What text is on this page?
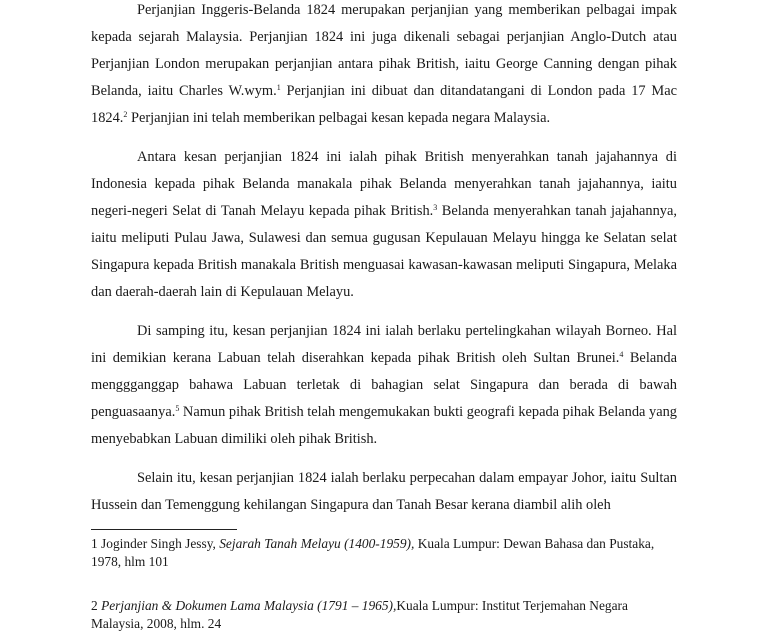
Perjanjian Inggeris-Belanda 1824 merupakan perjanjian yang memberikan pelbagai impak kepada sejarah Malaysia. Perjanjian 1824 ini juga dikenali sebagai perjanjian Anglo-Dutch atau Perjanjian London merupakan perjanjian antara pihak British, iaitu George Canning dengan pihak Belanda, iaitu Charles W.wym.$^1$ Perjanjian ini dibuat dan ditandatangani di London pada 17 Mac 1824.$^2$ Perjanjian ini telah memberikan pelbagai kesan kepada negara Malaysia.

Antara kesan perjanjian 1824 ini ialah pihak British menyerahkan tanah jajahannya di Indonesia kepada pihak Belanda manakala pihak Belanda menyerahkan tanah jajahannya, iaitu negeri-negeri Selat di Tanah Melayu kepada pihak British.$^3$ Belanda menyerahkan tanah jajahannya, iaitu meliputi Pulau Jawa, Sulawesi dan semua gugusan Kepulauan Melayu hingga ke Selatan selat Singapura kepada British manakala British menguasai kawasan-kawasan meliputi Singapura, Melaka dan daerah-daerah lain di Kepulauan Melayu.

Di samping itu, kesan perjanjian 1824 ini ialah berlaku pertelingkahan wilayah Borneo. Hal ini demikian kerana Labuan telah diserahkan kepada pihak British oleh Sultan Brunei.$^4$ Belanda menggganggap bahawa Labuan terletak di bahagian selat Singapura dan berada di bawah penguasaanya.$^5$ Namun pihak British telah mengemukakan bukti geografi kepada pihak Belanda yang menyebabkan Labuan dimiliki oleh pihak British.

Selain itu, kesan perjanjian 1824 ialah berlaku perpecahan dalam empayar Johor, iaitu Sultan Hussein dan Temenggung kehilangan Singapura dan Tanah Besar kerana diambil alih oleh

1 Joginder Singh Jessy, Sejarah Tanah Melayu (1400-1959), Kuala Lumpur: Dewan Bahasa dan Pustaka, 1978, hlm 101

2 Perjanjian & Dokumen Lama Malaysia (1791 – 1965),Kuala Lumpur: Institut Terjemahan Negara Malaysia, 2008, hlm. 24
